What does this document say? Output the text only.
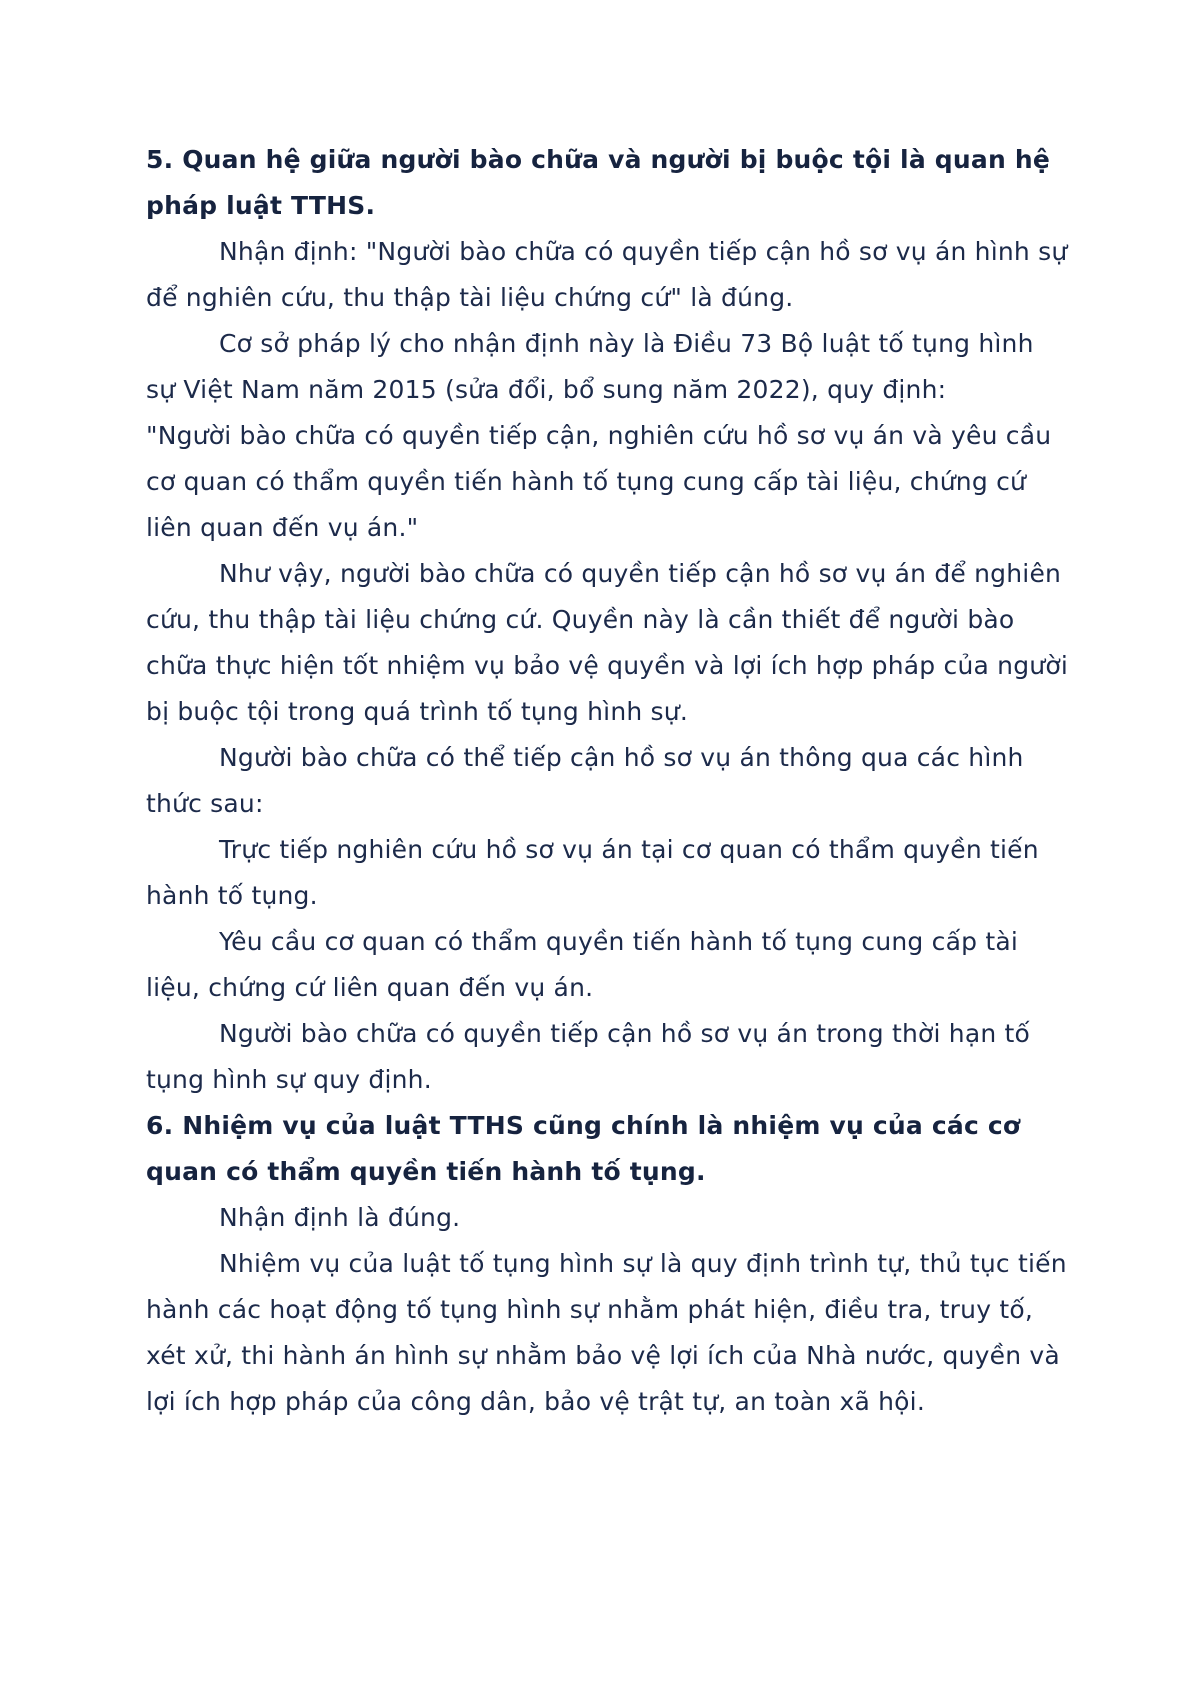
5. Quan hệ giữa người bào chữa và người bị buộc tội là quan hệ pháp luật TTHS.

Nhận định: "Người bào chữa có quyền tiếp cận hồ sơ vụ án hình sự để nghiên cứu, thu thập tài liệu chứng cứ" là đúng.

Cơ sở pháp lý cho nhận định này là Điều 73 Bộ luật tố tụng hình sự Việt Nam năm 2015 (sửa đổi, bổ sung năm 2022), quy định:

"Người bào chữa có quyền tiếp cận, nghiên cứu hồ sơ vụ án và yêu cầu cơ quan có thẩm quyền tiến hành tố tụng cung cấp tài liệu, chứng cứ liên quan đến vụ án."

Như vậy, người bào chữa có quyền tiếp cận hồ sơ vụ án để nghiên cứu, thu thập tài liệu chứng cứ. Quyền này là cần thiết để người bào chữa thực hiện tốt nhiệm vụ bảo vệ quyền và lợi ích hợp pháp của người bị buộc tội trong quá trình tố tụng hình sự.

Người bào chữa có thể tiếp cận hồ sơ vụ án thông qua các hình thức sau:

Trực tiếp nghiên cứu hồ sơ vụ án tại cơ quan có thẩm quyền tiến hành tố tụng.

Yêu cầu cơ quan có thẩm quyền tiến hành tố tụng cung cấp tài liệu, chứng cứ liên quan đến vụ án.

Người bào chữa có quyền tiếp cận hồ sơ vụ án trong thời hạn tố tụng hình sự quy định.

6. Nhiệm vụ của luật TTHS cũng chính là nhiệm vụ của các cơ quan có thẩm quyền tiến hành tố tụng.

Nhận định là đúng.

Nhiệm vụ của luật tố tụng hình sự là quy định trình tự, thủ tục tiến hành các hoạt động tố tụng hình sự nhằm phát hiện, điều tra, truy tố, xét xử, thi hành án hình sự nhằm bảo vệ lợi ích của Nhà nước, quyền và lợi ích hợp pháp của công dân, bảo vệ trật tự, an toàn xã hội.
